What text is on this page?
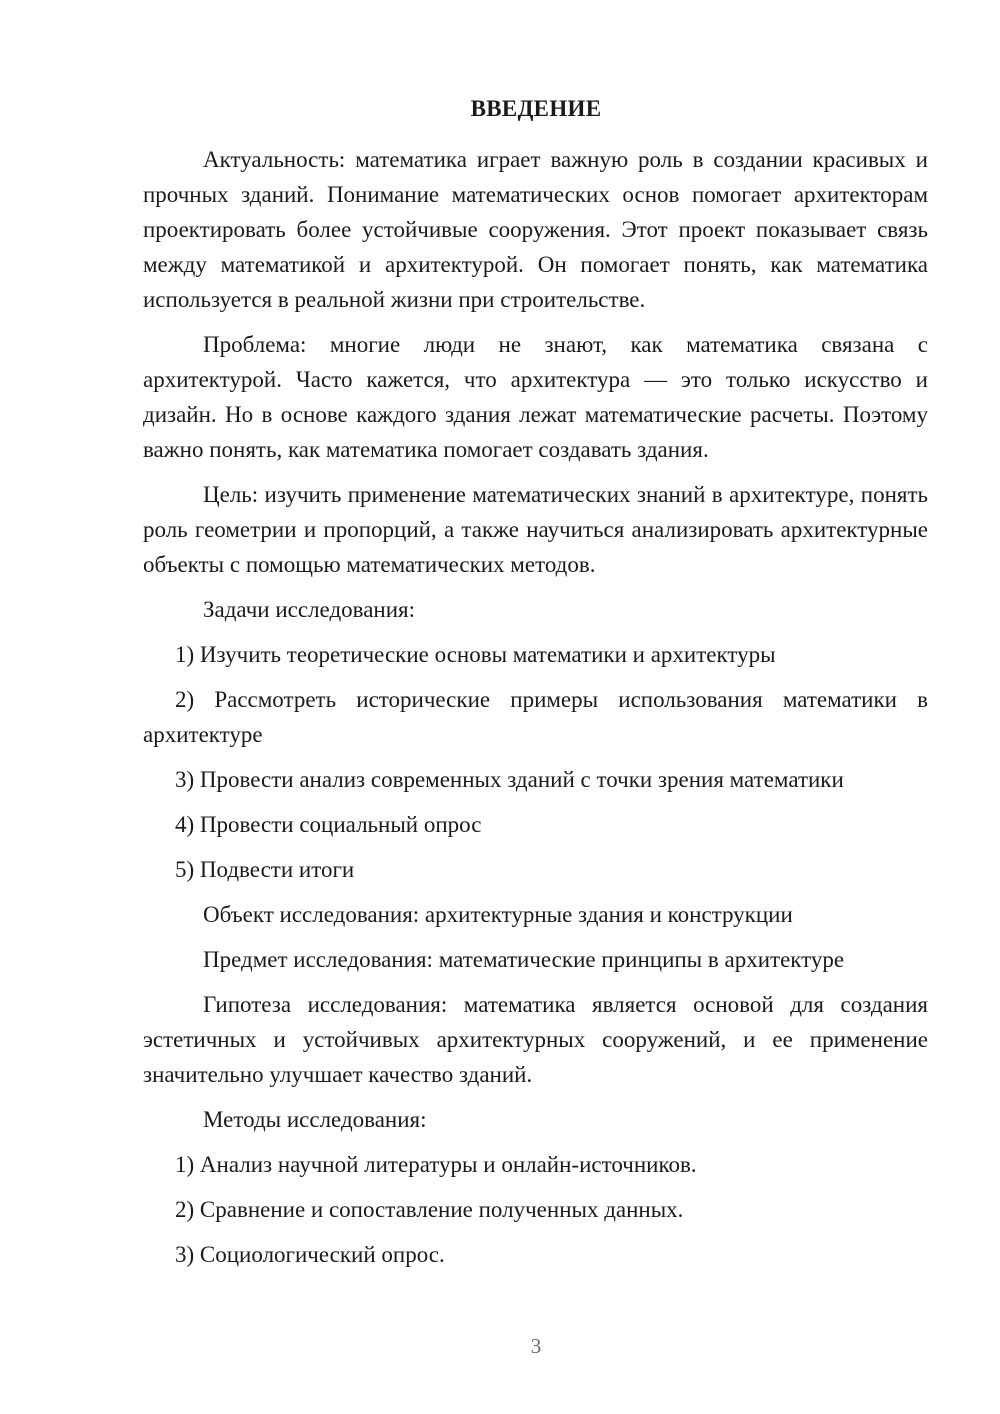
ВВЕДЕНИЕ

Актуальность: математика играет важную роль в создании красивых и прочных зданий. Понимание математических основ помогает архитекторам проектировать более устойчивые сооружения. Этот проект показывает связь между математикой и архитектурой. Он помогает понять, как математика используется в реальной жизни при строительстве.

Проблема: многие люди не знают, как математика связана с архитектурой. Часто кажется, что архитектура — это только искусство и дизайн. Но в основе каждого здания лежат математические расчеты. Поэтому важно понять, как математика помогает создавать здания.

Цель: изучить применение математических знаний в архитектуре, понять роль геометрии и пропорций, а также научиться анализировать архитектурные объекты с помощью математических методов.

Задачи исследования:

1) Изучить теоретические основы математики и архитектуры

2) Рассмотреть исторические примеры использования математики в архитектуре

3) Провести анализ современных зданий с точки зрения математики

4) Провести социальный опрос

5) Подвести итоги

Объект исследования: архитектурные здания и конструкции

Предмет исследования: математические принципы в архитектуре

Гипотеза исследования: математика является основой для создания эстетичных и устойчивых архитектурных сооружений, и ее применение значительно улучшает качество зданий.

Методы исследования:

1) Анализ научной литературы и онлайн-источников.

2) Сравнение и сопоставление полученных данных.

3) Социологический опрос.

3
